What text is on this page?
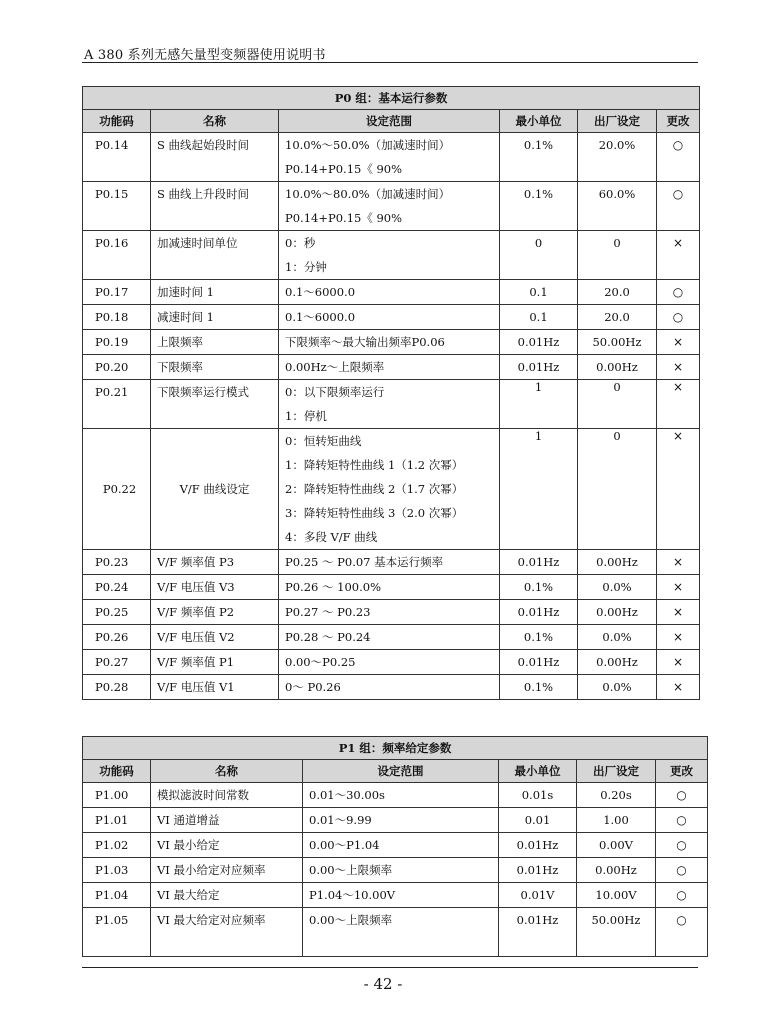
A 380 系列无感矢量型变频器使用说明书
P0 组：基本运行参数					
功能码	名称	设定范围	最小单位	出厂设定	更改
P0.14	S 曲线起始段时间	10.0%～50.0%（加减速时间）
P0.14+P0.15《 90%	0.1%	20.0%	○
P0.15	S 曲线上升段时间	10.0%～80.0%（加减速时间）
P0.14+P0.15《 90%	0.1%	60.0%	○
P0.16	加减速时间单位	0：秒
1：分钟	0	0	×
P0.17	加速时间 1	0.1～6000.0	0.1	20.0	○
P0.18	减速时间 1	0.1～6000.0	0.1	20.0	○
P0.19	上限频率	下限频率～最大输出频率P0.06	0.01Hz	50.00Hz	×
P0.20	下限频率	0.00Hz～上限频率	0.01Hz	0.00Hz	×
P0.21	下限频率运行模式	0：以下限频率运行
1：停机	1	0	×
P0.22	V/F 曲线设定	0：恒转矩曲线
1：降转矩特性曲线 1（1.2 次幂）
2：降转矩特性曲线 2（1.7 次幂）
3：降转矩特性曲线 3（2.0 次幂）
4：多段 V/F 曲线	1	0	×
P0.23	V/F 频率值 P3	P0.25 ～ P0.07 基本运行频率	0.01Hz	0.00Hz	×
P0.24	V/F 电压值 V3	P0.26 ～ 100.0%	0.1%	0.0%	×
P0.25	V/F 频率值 P2	P0.27 ～ P0.23	0.01Hz	0.00Hz	×
P0.26	V/F 电压值 V2	P0.28 ～ P0.24	0.1%	0.0%	×
P0.27	V/F 频率值 P1	0.00～P0.25	0.01Hz	0.00Hz	×
P0.28	V/F 电压值 V1	0～ P0.26	0.1%	0.0%	×
P1 组：频率给定参数					
功能码	名称	设定范围	最小单位	出厂设定	更改
P1.00	模拟滤波时间常数	0.01～30.00s	0.01s	0.20s	○
P1.01	VI 通道增益	0.01～9.99	0.01	1.00	○
P1.02	VI 最小给定	0.00～P1.04	0.01Hz	0.00V	○
P1.03	VI 最小给定对应频率	0.00～上限频率	0.01Hz	0.00Hz	○
P1.04	VI 最大给定	P1.04～10.00V	0.01V	10.00V	○
P1.05	VI 最大给定对应频率	0.00～上限频率	0.01Hz	50.00Hz	○
- 42 -
